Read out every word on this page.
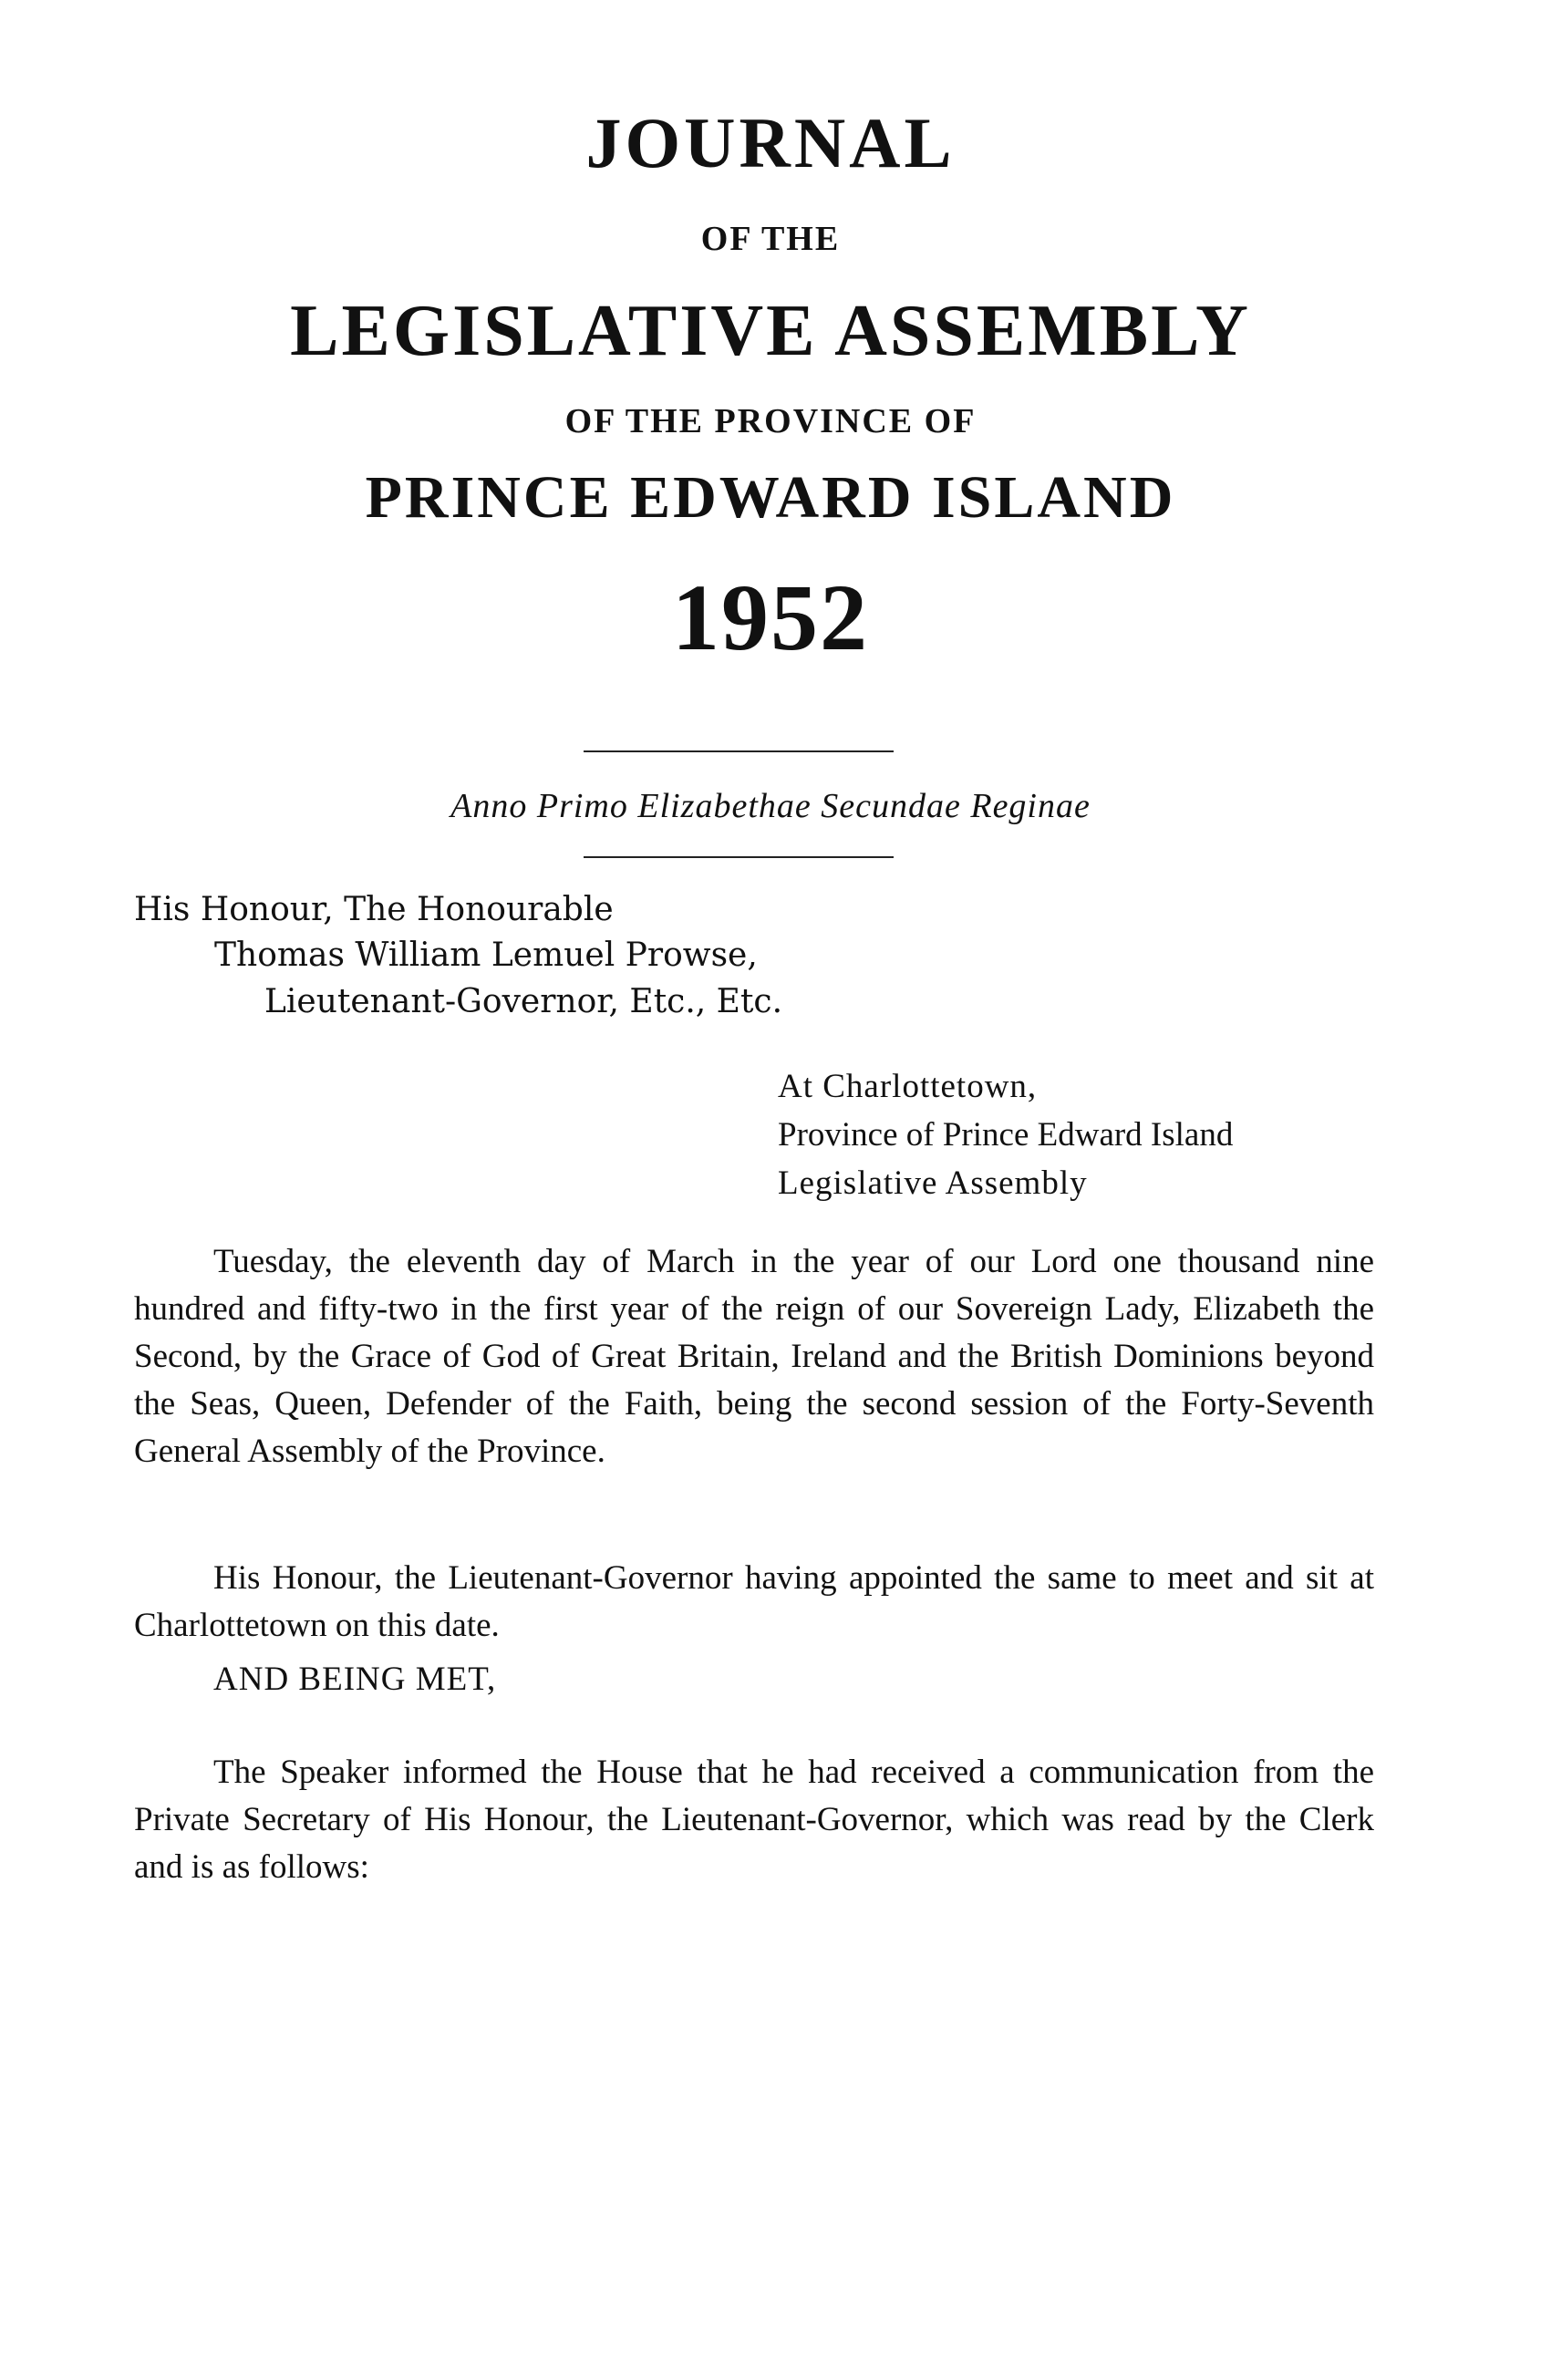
JOURNAL
OF THE
LEGISLATIVE ASSEMBLY
OF THE PROVINCE OF
PRINCE EDWARD ISLAND
1952
Anno Primo Elizabethae Secundae Reginae
His Honour, The Honourable
Thomas William Lemuel Prowse,
Lieutenant-Governor, Etc., Etc.
At Charlottetown,
Province of Prince Edward Island
Legislative Assembly

Tuesday, the eleventh day of March in the year of our Lord one thousand nine hundred and fifty-two in the first year of the reign of our Sovereign Lady, Elizabeth the Second, by the Grace of God of Great Britain, Ireland and the British Dominions beyond the Seas, Queen, Defender of the Faith, being the second session of the Forty-Seventh General Assembly of the Province.

His Honour, the Lieutenant-Governor having appointed the same to meet and sit at Charlottetown on this date.

AND BEING MET,

The Speaker informed the House that he had received a communication from the Private Secretary of His Honour, the Lieutenant-Governor, which was read by the Clerk and is as follows:
